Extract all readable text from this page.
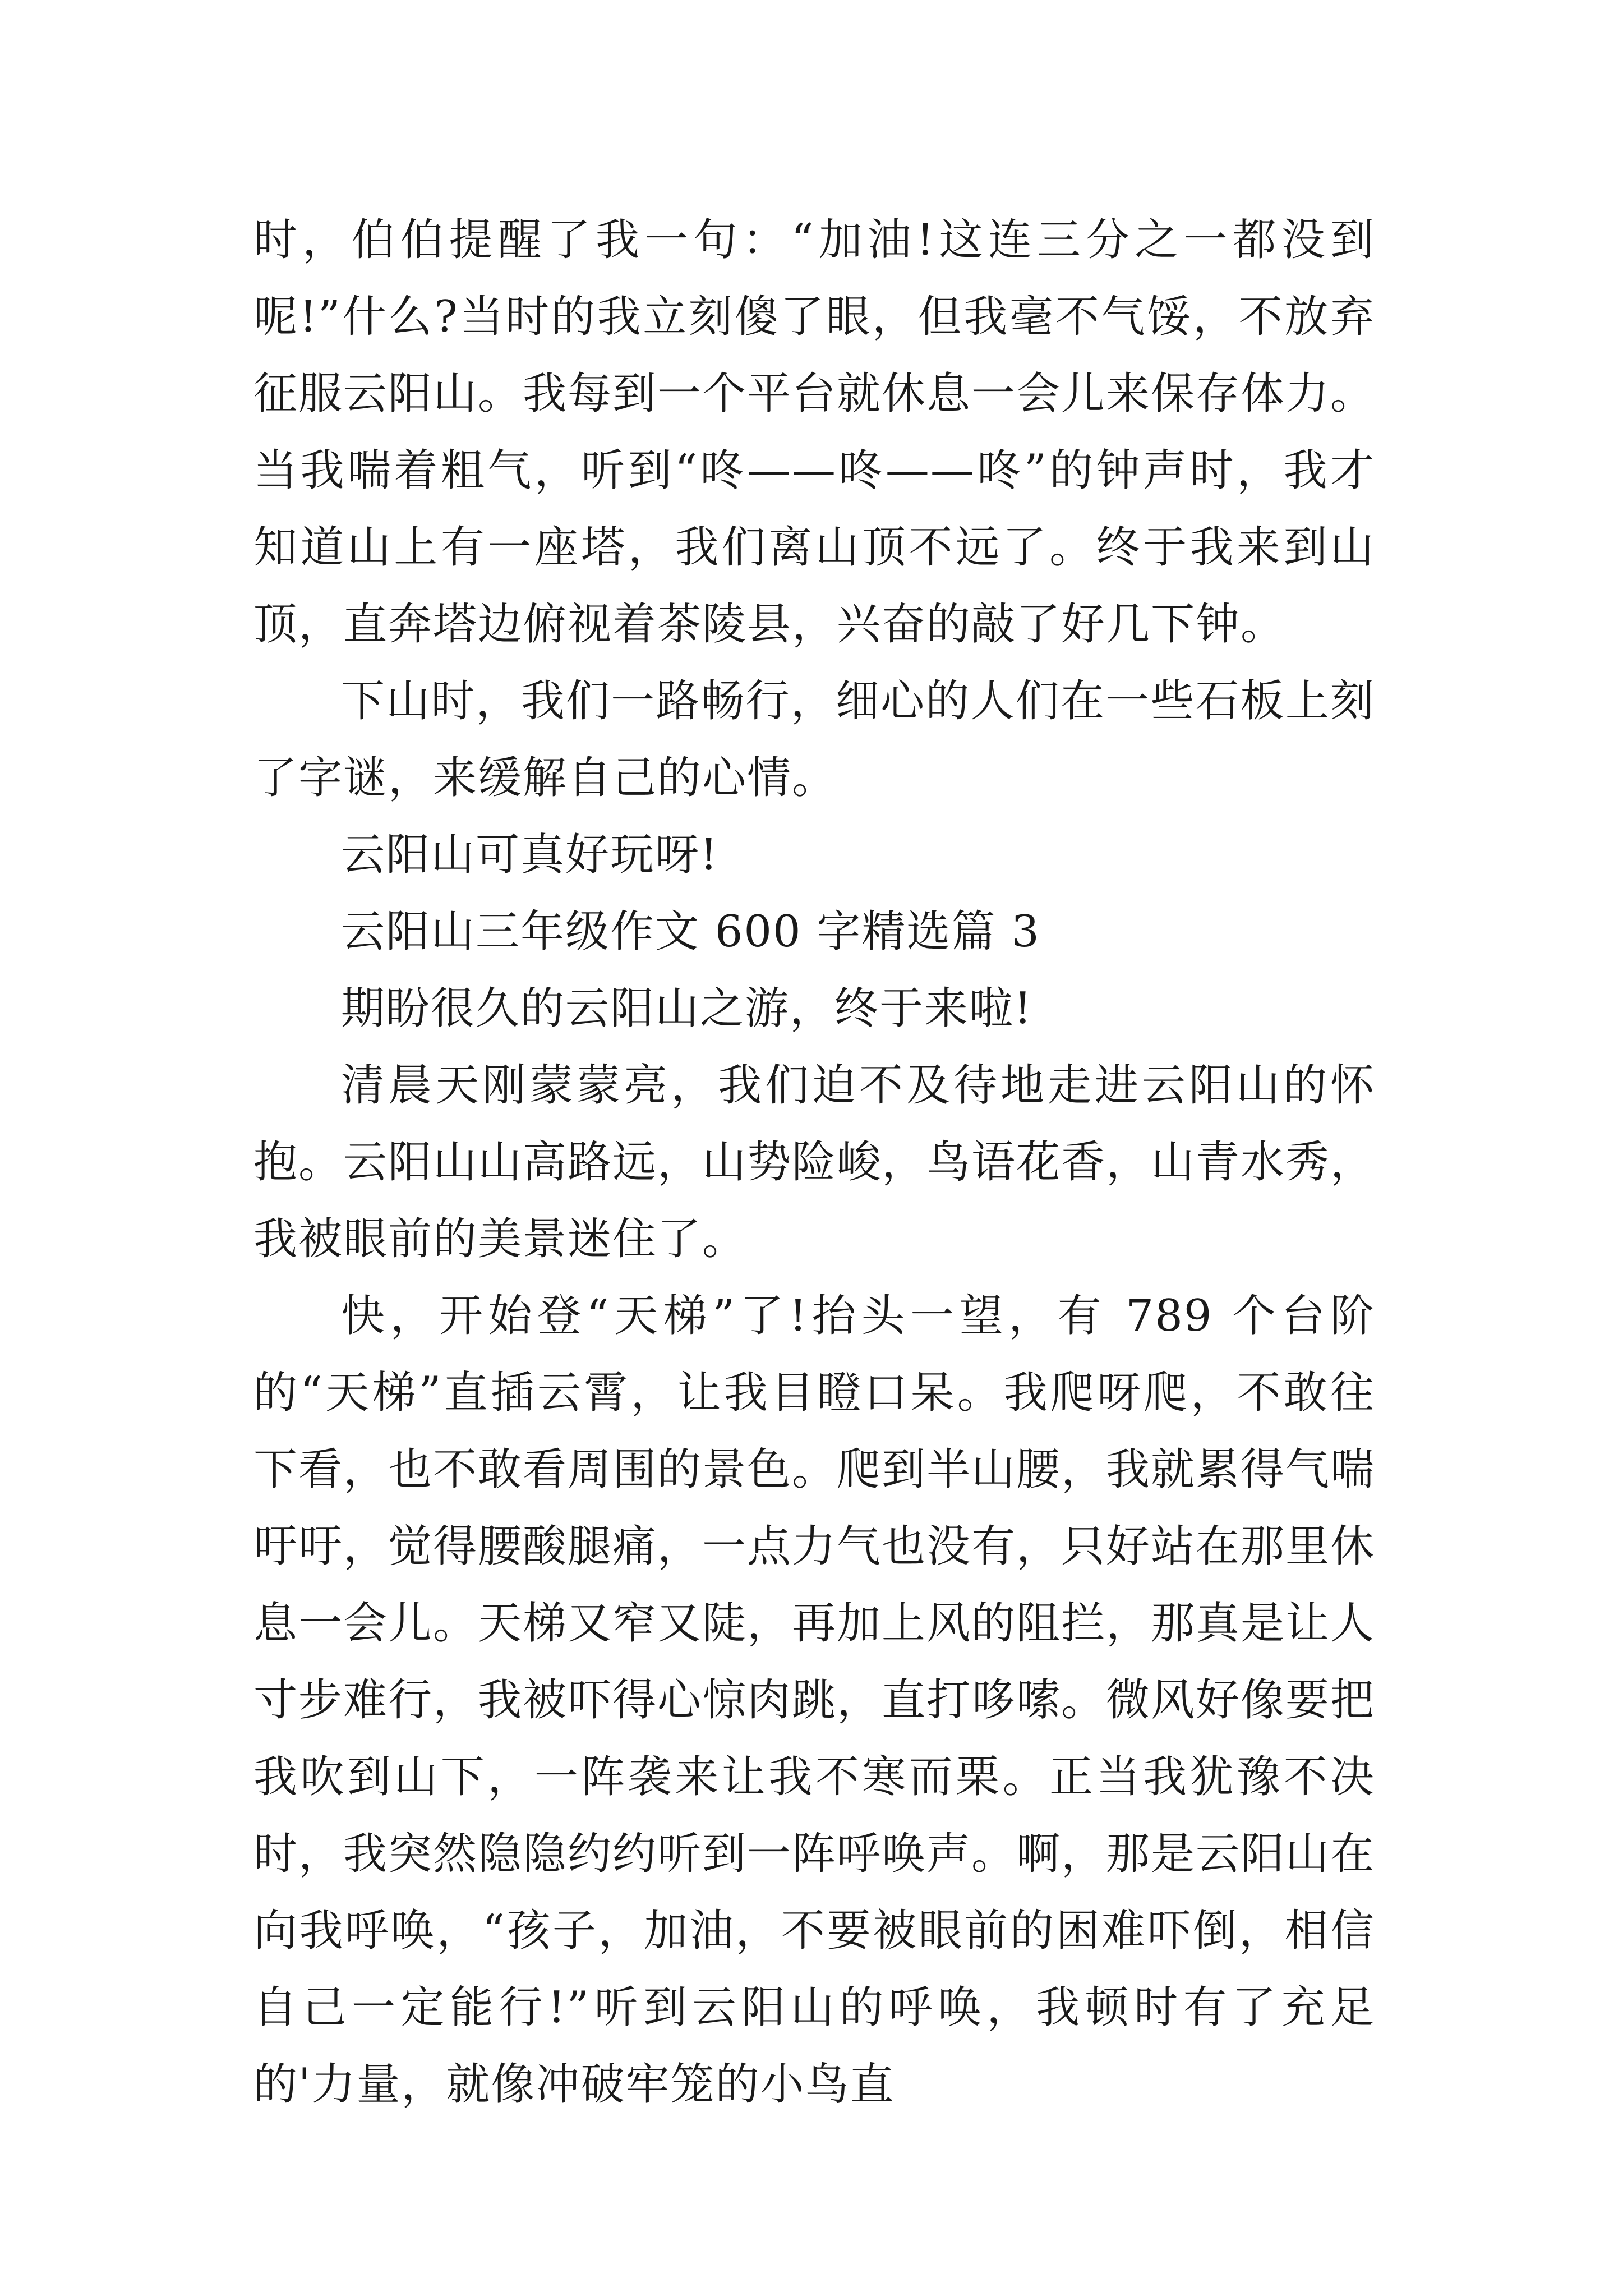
时，伯伯提醒了我一句：“加油!这连三分之一都没到呢!”什么?当时的我立刻傻了眼，但我毫不气馁，不放弃征服云阳山。我每到一个平台就休息一会儿来保存体力。当我喘着粗气，听到“咚——咚——咚”的钟声时，我才知道山上有一座塔，我们离山顶不远了。终于我来到山顶，直奔塔边俯视着茶陵县，兴奋的敲了好几下钟。

下山时，我们一路畅行，细心的人们在一些石板上刻了字谜，来缓解自己的心情。

云阳山可真好玩呀!

云阳山三年级作文 600 字精选篇 3

期盼很久的云阳山之游，终于来啦!

清晨天刚蒙蒙亮，我们迫不及待地走进云阳山的怀抱。云阳山山高路远，山势险峻，鸟语花香，山青水秀，我被眼前的美景迷住了。

快，开始登“天梯”了!抬头一望，有 789 个台阶的“天梯”直插云霄，让我目瞪口呆。我爬呀爬，不敢往下看，也不敢看周围的景色。爬到半山腰，我就累得气喘吁吁，觉得腰酸腿痛，一点力气也没有，只好站在那里休息一会儿。天梯又窄又陡，再加上风的阻拦，那真是让人寸步难行，我被吓得心惊肉跳，直打哆嗦。微风好像要把我吹到山下，一阵袭来让我不寒而栗。正当我犹豫不决时，我突然隐隐约约听到一阵呼唤声。啊，那是云阳山在向我呼唤，“孩子，加油，不要被眼前的困难吓倒，相信自己一定能行!”听到云阳山的呼唤，我顿时有了充足的'力量，就像冲破牢笼的小鸟直
